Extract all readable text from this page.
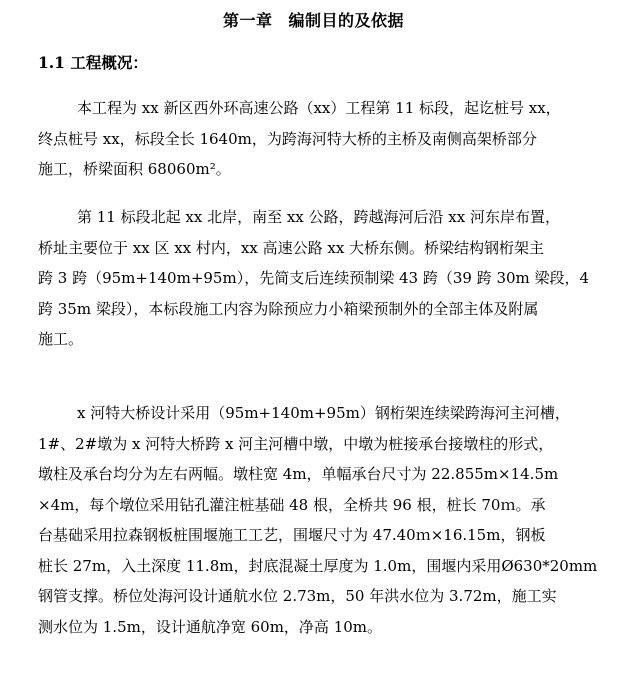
第一章 编制目的及依据
1.1 工程概况：
　本工程为 xx 新区西外环高速公路（xx）工程第 11 标段，起讫桩号 xx，
终点桩号 xx，标段全长 1640m，为跨海河特大桥的主桥及南侧高架桥部分
施工，桥梁面积 68060m²。
　第 11 标段北起 xx 北岸，南至 xx 公路，跨越海河后沿 xx 河东岸布置，
桥址主要位于 xx 区 xx 村内，xx 高速公路 xx 大桥东侧。桥梁结构钢桁架主
跨 3 跨（95m+140m+95m），先简支后连续预制梁 43 跨（39 跨 30m 梁段，4
跨 35m 梁段），本标段施工内容为除预应力小箱梁预制外的全部主体及附属
施工。
　x 河特大桥设计采用（95m+140m+95m）钢桁架连续梁跨海河主河槽，
1#、2#墩为 x 河特大桥跨 x 河主河槽中墩，中墩为桩接承台接墩柱的形式，
墩柱及承台均分为左右两幅。墩柱宽 4m，单幅承台尺寸为 22.855m×14.5m
×4m，每个墩位采用钻孔灌注桩基础 48 根，全桥共 96 根，桩长 70ｍ。承
台基础采用拉森钢板桩围堰施工工艺，围堰尺寸为 47.40ｍ×16.15m，钢板
桩长 27m，入土深度 11.8m，封底混凝土厚度为 1.0m，围堰内采用Ø630*20mm
钢管支撑。桥位处海河设计通航水位 2.73m，50 年洪水位为 3.72m，施工实
测水位为 1.5m，设计通航净宽 60m，净高 10m。
